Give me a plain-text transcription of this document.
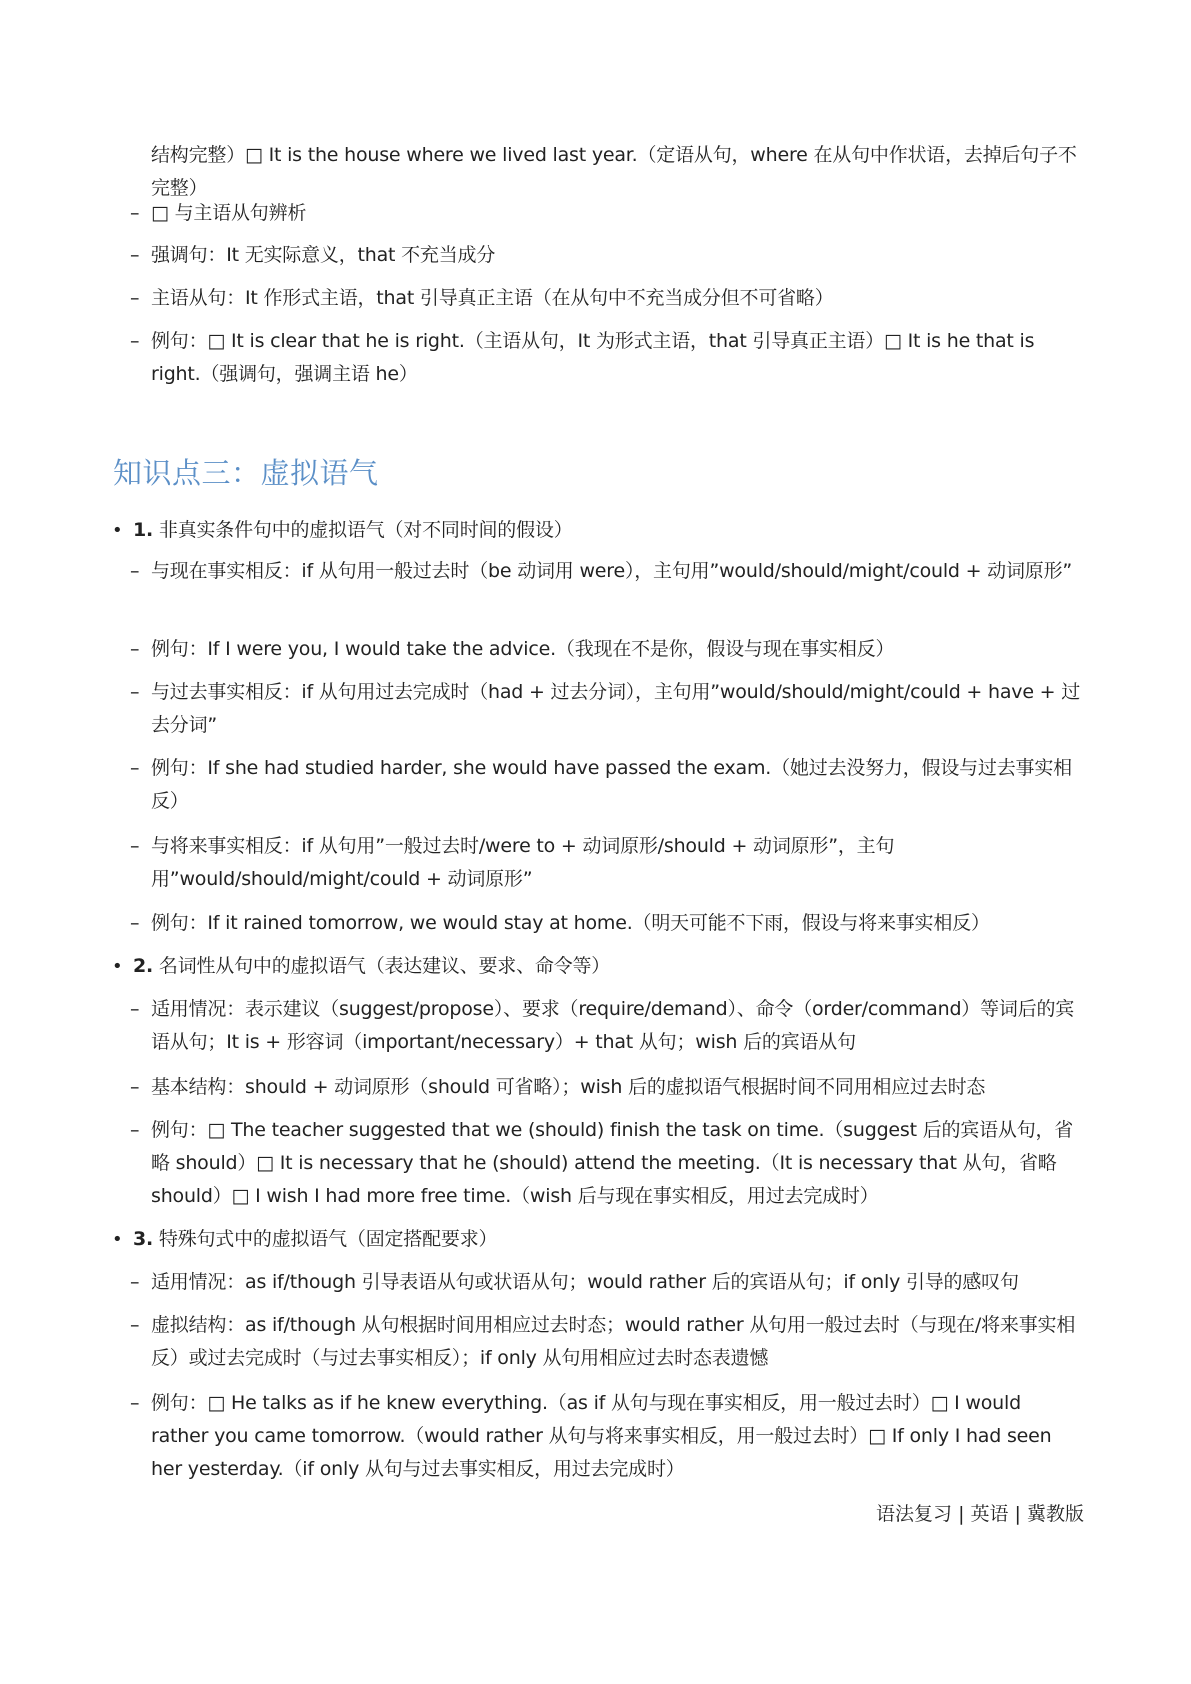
结构完整）□ It is the house where we lived last year.（定语从句，where 在从句中作状语，去掉后句子不完整）
– □ 与主语从句辨析
– 强调句：It 无实际意义，that 不充当成分
– 主语从句：It 作形式主语，that 引导真正主语（在从句中不充当成分但不可省略）
– 例句：□ It is clear that he is right.（主语从句，It 为形式主语，that 引导真正主语）□ It is he that is right.（强调句，强调主语 he）
知识点三：虚拟语气
• 1. 非真实条件句中的虚拟语气（对不同时间的假设）
– 与现在事实相反：if 从句用一般过去时（be 动词用 were），主句用”would/should/might/could + 动词原形”
– 例句：If I were you, I would take the advice.（我现在不是你，假设与现在事实相反）
– 与过去事实相反：if 从句用过去完成时（had + 过去分词），主句用”would/should/might/could + have + 过去分词”
– 例句：If she had studied harder, she would have passed the exam.（她过去没努力，假设与过去事实相反）
– 与将来事实相反：if 从句用”一般过去时/were to + 动词原形/should + 动词原形”，主句用”would/should/might/could + 动词原形”
– 例句：If it rained tomorrow, we would stay at home.（明天可能不下雨，假设与将来事实相反）
• 2. 名词性从句中的虚拟语气（表达建议、要求、命令等）
– 适用情况：表示建议（suggest/propose）、要求（require/demand）、命令（order/command）等词后的宾语从句；It is + 形容词（important/necessary）+ that 从句；wish 后的宾语从句
– 基本结构：should + 动词原形（should 可省略）；wish 后的虚拟语气根据时间不同用相应过去时态
– 例句：□ The teacher suggested that we (should) finish the task on time.（suggest 后的宾语从句，省略 should）□ It is necessary that he (should) attend the meeting.（It is necessary that 从句，省略 should）□ I wish I had more free time.（wish 后与现在事实相反，用过去完成时）
• 3. 特殊句式中的虚拟语气（固定搭配要求）
– 适用情况：as if/though 引导表语从句或状语从句；would rather 后的宾语从句；if only 引导的感叹句
– 虚拟结构：as if/though 从句根据时间用相应过去时态；would rather 从句用一般过去时（与现在/将来事实相反）或过去完成时（与过去事实相反）；if only 从句用相应过去时态表遗憾
– 例句：□ He talks as if he knew everything.（as if 从句与现在事实相反，用一般过去时）□ I would rather you came tomorrow.（would rather 从句与将来事实相反，用一般过去时）□ If only I had seen her yesterday.（if only 从句与过去事实相反，用过去完成时）
语法复习 | 英语 | 冀教版
